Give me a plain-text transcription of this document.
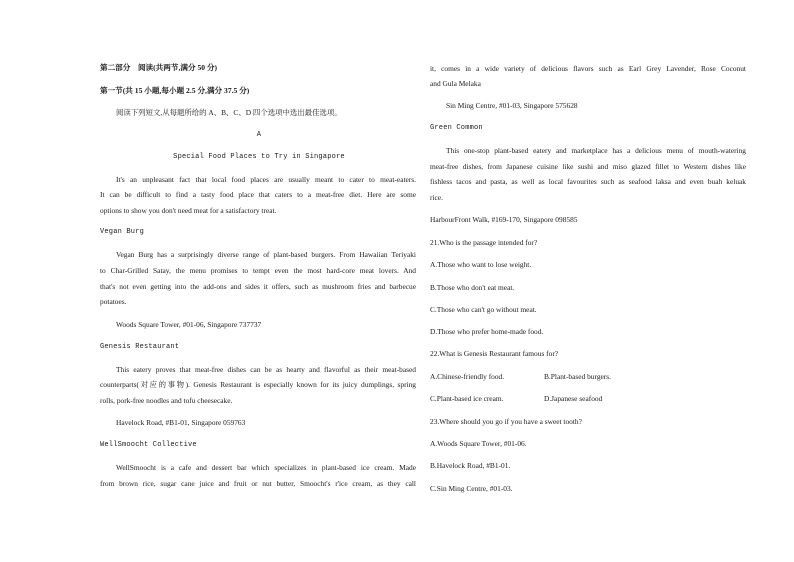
第二部分　阅读(共两节,满分 50 分)
第一节(共 15 小题,每小题 2.5 分,满分 37.5 分)
阅读下列短文,从每题所给的 A、B、C、D 四个选项中选出最佳选项。
A
Special Food Places to Try in Singapore
It's an unpleasant fact that local food places are usually meant to cater to meat-eaters.
It can be difficult to find a tasty food place that caters to a meat-free diet. Here are some
options to show you don't need meat for a satisfactory treat.
Vegan Burg
Vegan Burg has a surprisingly diverse range of plant-based burgers. From Hawaiian Teriyaki
to Char-Grilled Satay, the menu promises to tempt even the most hard-core meat lovers. And
that's not even getting into the add-ons and sides it offers, such as mushroom fries and barbecue
potatoes.
Woods Square Tower, #01-06, Singapore 737737
Genesis Restaurant
This eatery proves that meat-free dishes can be as hearty and flavorful as their meat-based
counterparts(对应的事物). Genesis Restaurant is especially known for its juicy dumplings, spring
rolls, pork-free noodles and tofu cheesecake.
Havelock Road, #B1-01, Singapore 059763
WellSmoocht Collective
WellSmoocht is a cafe and dessert bar which specializes in plant-based ice cream. Made
from brown rice, sugar cane juice and fruit or nut butter, Smoocht's r'ice cream, as they call
it, comes in a wide variety of delicious flavors such as Earl Grey Lavender, Rose Coconut
and Gula Melaka
Sin Ming Centre, #01-03, Singapore 575628
Green Common
This one-stop plant-based eatery and marketplace has a delicious menu of mouth-watering
meat-free dishes, from Japanese cuisine like sushi and miso glazed fillet to Western dishes like
fishless tacos and pasta, as well as local favourites such as seafood laksa and even buah keluak
rice.
HarbourFront Walk, #169-170, Singapore 098585
21.Who is the passage intended for?
A.Those who want to lose weight.
B.Those who don't eat meat.
C.Those who can't go without meat.
D.Those who prefer home-made food.
22.What is Genesis Restaurant famous for?
A.Chinese-friendly food.	B.Plant-based burgers.
C.Plant-based ice cream.	D.Japanese seafood
23.Where should you go if you have a sweet tooth?
A.Woods Square Tower, #01-06.
B.Havelock Road, #B1-01.
C.Sin Ming Centre, #01-03.
